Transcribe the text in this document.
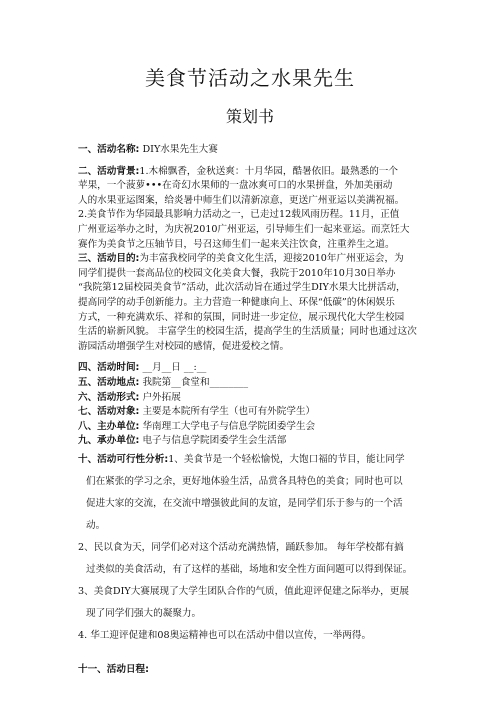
美食节活动之水果先生
策划书
一、活动名称: DIY水果先生大赛
二、活动背景:1.木棉飘香，金秋送爽：十月华园，酷暑依旧。最熟悉的一个
苹果，一个菠萝•••在奇幻水果师的一盘冰爽可口的水果拼盘，外加美丽动
人的水果亚运图案，给炎暑中师生们以清新凉意，更送广州亚运以美满祝福。
2.美食节作为华园最具影响力活动之一，已走过12载风雨历程。11月，正值
广州亚运举办之时，为庆祝2010广州亚运，引导师生们一起来亚运。而烹饪大
赛作为美食节之压轴节目，号召这师生们一起来关注饮食，注重养生之道。
三、活动目的:为丰富我校同学的美食文化生活，迎接2010年广州亚运会，为
同学们提供一套高品位的校园文化美食大餐，我院于2010年10月30日举办
“我院第12届校园美食节”活动，此次活动旨在通过学生DIY水果大比拼活动，
提高同学的动手创新能力。主力营造一种健康向上、环保“低碳”的休闲娱乐
方式，一种充满欢乐、祥和的氛围，同时进一步定位，展示现代化大学生校园
生活的崭新风貌。 丰富学生的校园生活，提高学生的生活质量；同时也通过这次
游园活动增强学生对校园的感情，促进爱校之情。
四、活动时间: __月__日 __:__
五、活动地点: 我院第__食堂和________
六、活动形式: 户外拓展
七、活动对象: 主要是本院所有学生（也可有外院学生）
八、主办单位: 华南理工大学电子与信息学院团委学生会
九、承办单位: 电子与信息学院团委学生会生活部
十、活动可行性分析:1、美食节是一个轻松愉悦，大饱口福的节目，能让同学
们在紧张的学习之余，更好地体验生活，品赏各具特色的美食；同时也可以
促进大家的交流，在交流中增强彼此间的友谊，是同学们乐于参与的一个活
动。
2、民以食为天，同学们必对这个活动充满热情，踊跃参加。 每年学校都有搞
过类似的美食活动，有了这样的基础，场地和安全性方面问题可以得到保证。
3、美食DIY大赛展现了大学生团队合作的气质，值此迎评促建之际举办，更展
现了同学们强大的凝聚力。
4. 华工迎评促建和08奥运精神也可以在活动中借以宣传，一举两得。
十一、活动日程:
